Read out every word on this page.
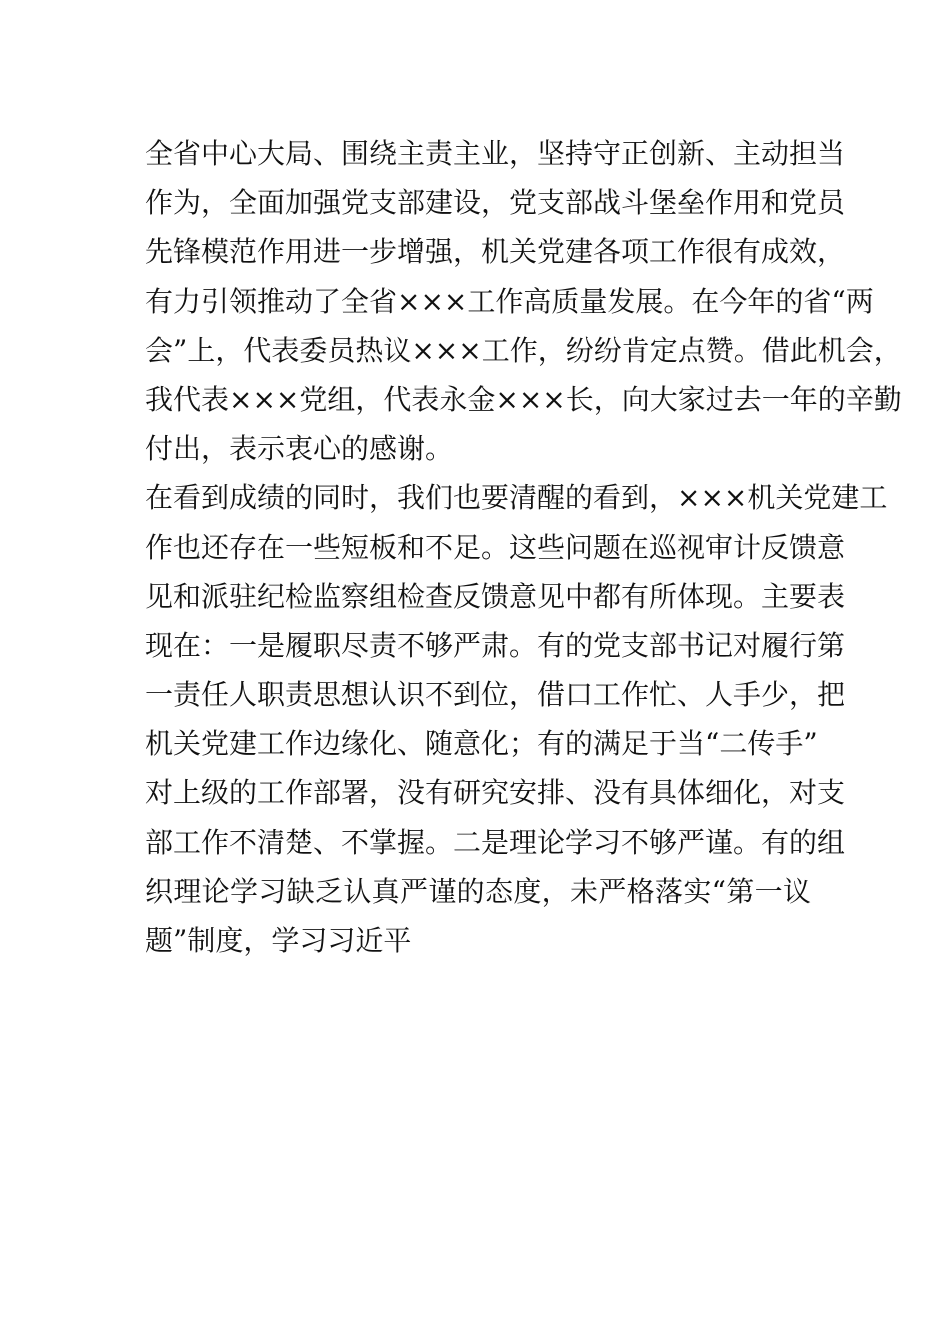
全省中心大局、围绕主责主业，坚持守正创新、主动担当
作为，全面加强党支部建设，党支部战斗堡垒作用和党员
先锋模范作用进一步增强，机关党建各项工作很有成效，
有力引领推动了全省×××工作高质量发展。在今年的省“两
会”上，代表委员热议×××工作，纷纷肯定点赞。借此机会，
我代表×××党组，代表永金×××长，向大家过去一年的辛勤
付出，表示衷心的感谢。
在看到成绩的同时，我们也要清醒的看到，×××机关党建工
作也还存在一些短板和不足。这些问题在巡视审计反馈意
见和派驻纪检监察组检查反馈意见中都有所体现。主要表
现在：一是履职尽责不够严肃。有的党支部书记对履行第
一责任人职责思想认识不到位，借口工作忙、人手少，把
机关党建工作边缘化、随意化；有的满足于当“二传手”
对上级的工作部署，没有研究安排、没有具体细化，对支
部工作不清楚、不掌握。二是理论学习不够严谨。有的组
织理论学习缺乏认真严谨的态度，未严格落实“第一议
题”制度，学习习近平
